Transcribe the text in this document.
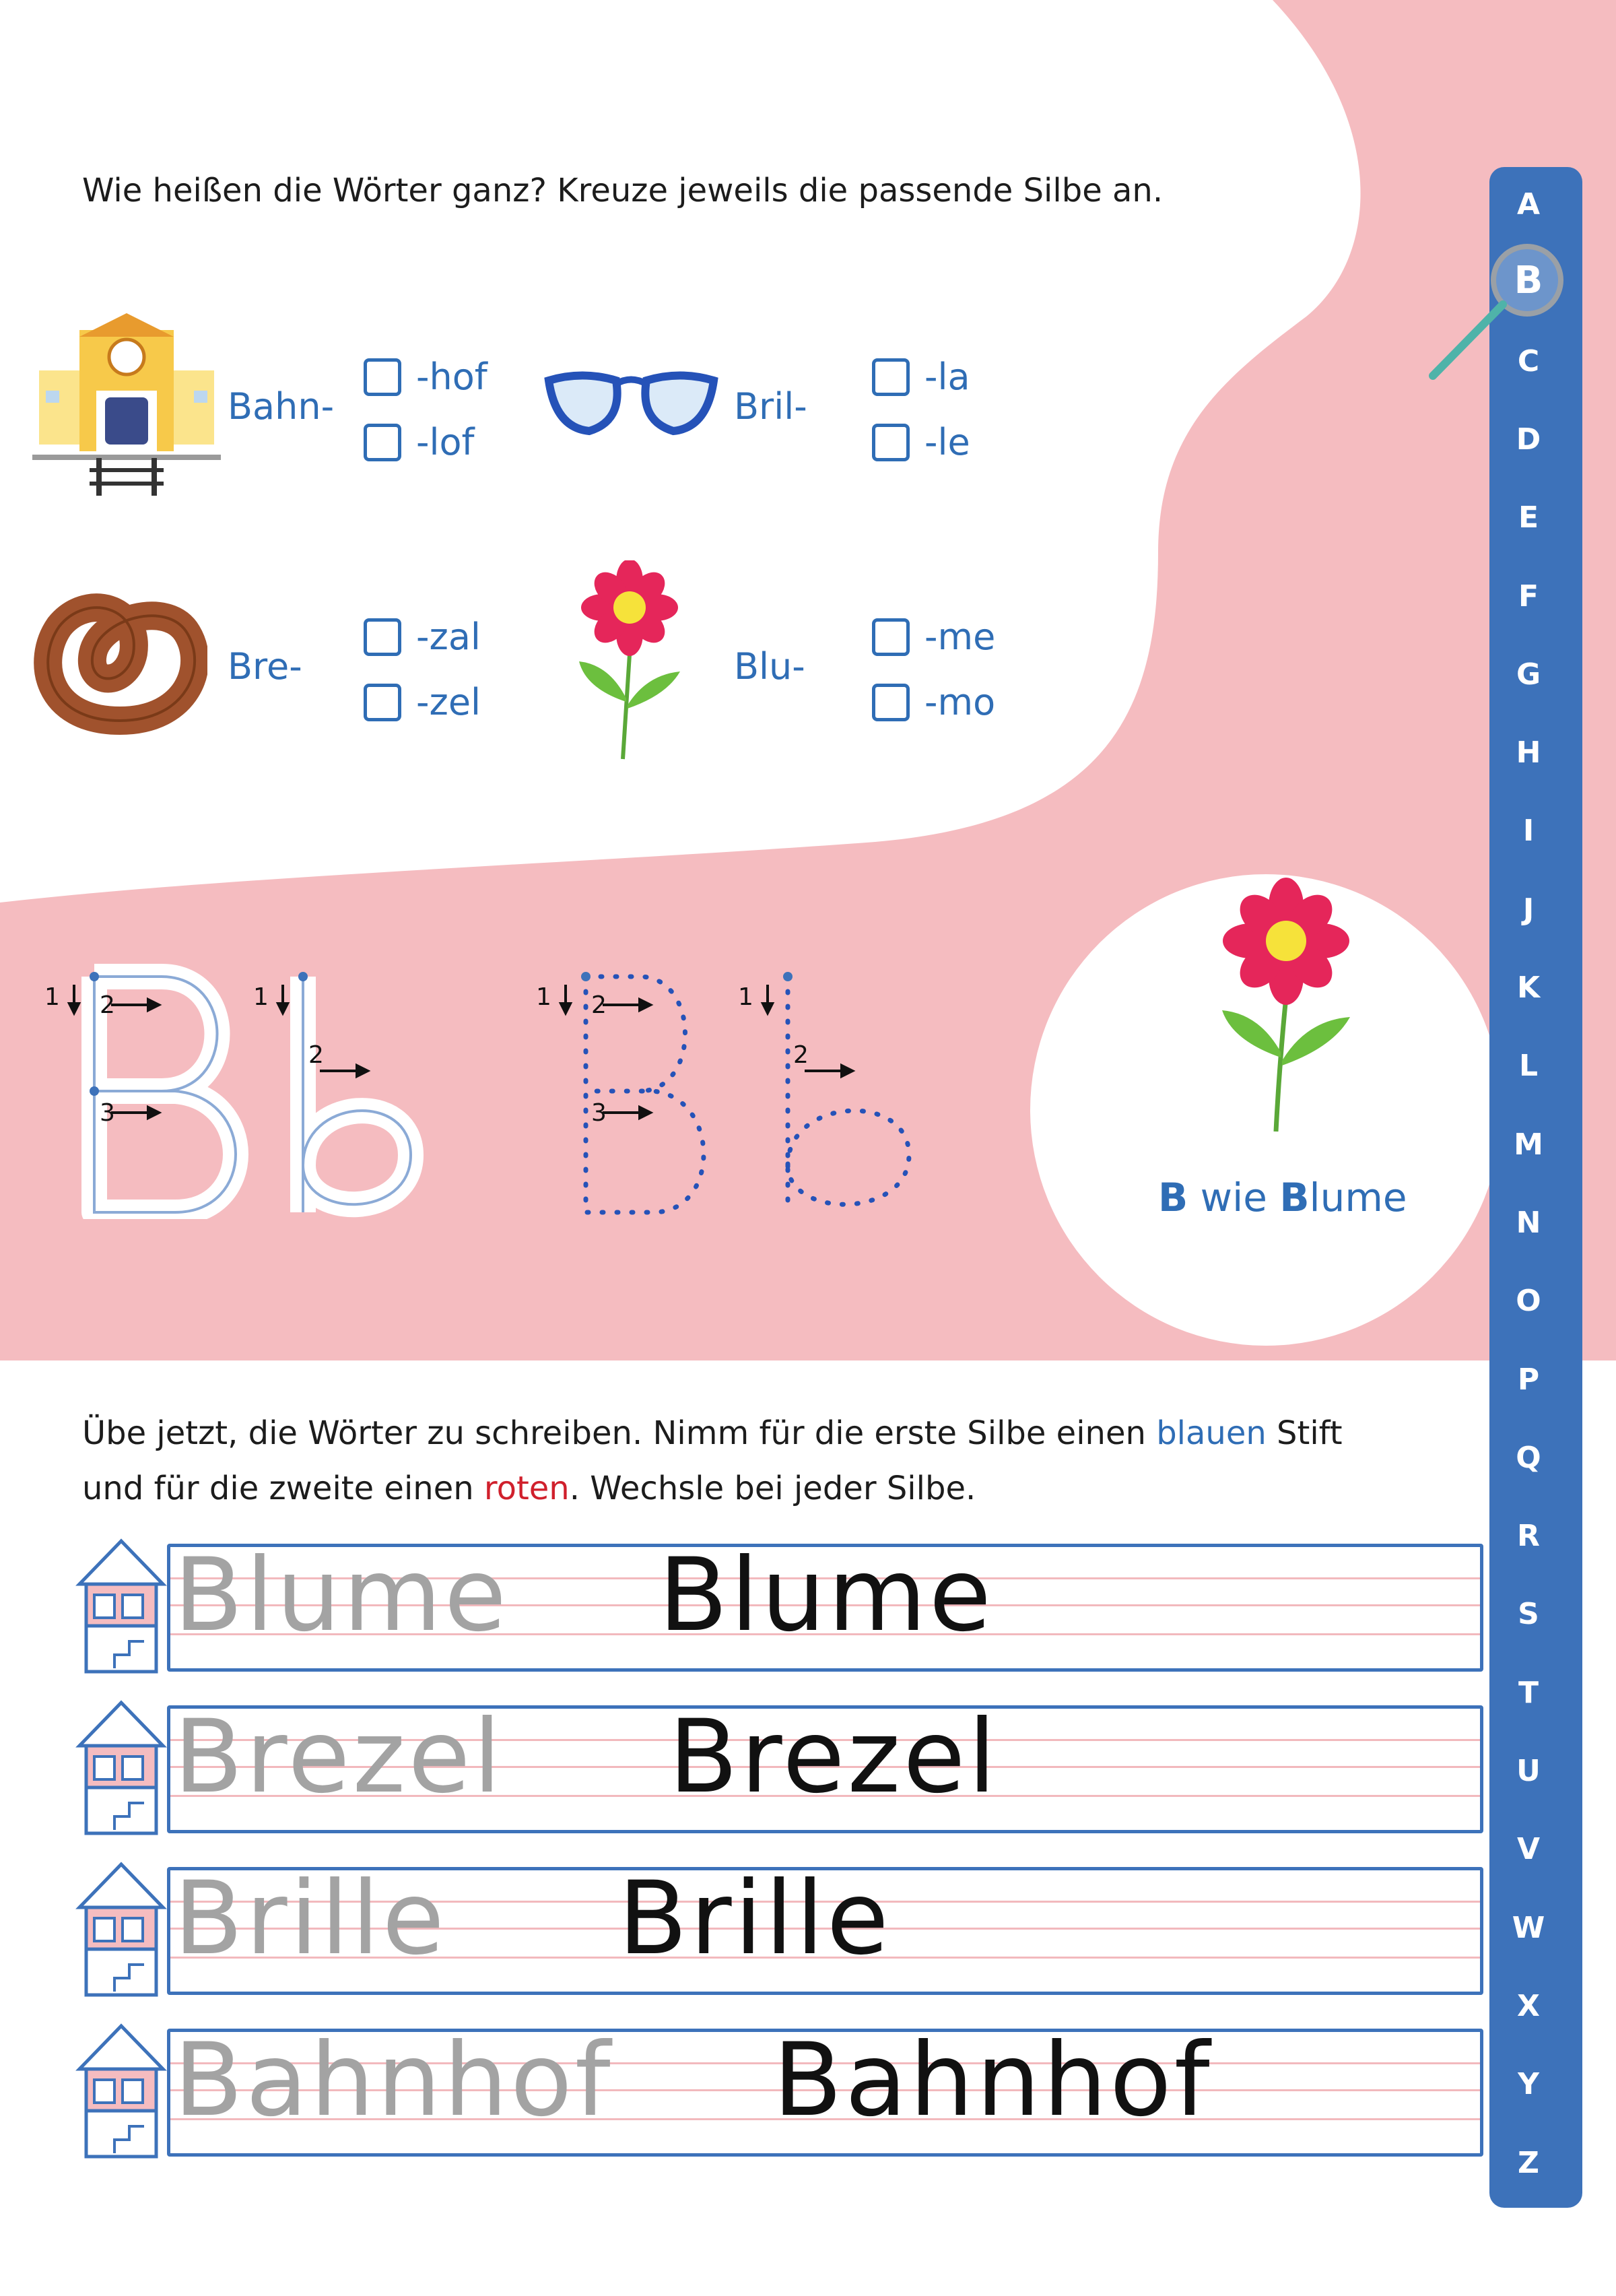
Wie heißen die Wörter ganz? Kreuze jeweils die passende Silbe an.
Bahn-
-hof
-lof
Bril-
-la
-le
Bre-
-zal
-zel
Blu-
-me
-mo
1 2
3
1
2
1 2
3
1
2
B wie Blume
A
B
C
D
E
F
G
H
I
J
K
L
M
N
O
P
Q
R
S
T
U
V
W
X
Y
Z
Übe jetzt, die Wörter zu schreiben. Nimm für die erste Silbe einen blauen Stift
und für die zweite einen roten. Wechsle bei jeder Silbe.
Blume Blume
Brezel Brezel
Brille Brille
Bahnhof Bahnhof
